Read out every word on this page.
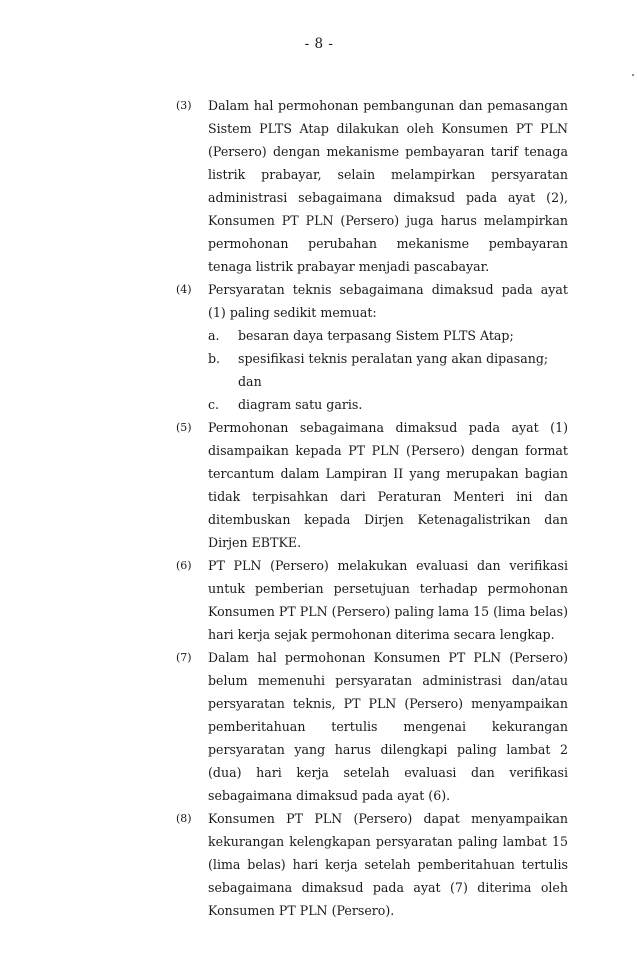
- 8 -
(3) Dalam hal permohonan pembangunan dan pemasangan Sistem PLTS Atap dilakukan oleh Konsumen PT PLN (Persero) dengan mekanisme pembayaran tarif tenaga listrik prabayar, selain melampirkan persyaratan administrasi sebagaimana dimaksud pada ayat (2), Konsumen PT PLN (Persero) juga harus melampirkan permohonan perubahan mekanisme pembayaran tenaga listrik prabayar menjadi pascabayar.
(4) Persyaratan teknis sebagaimana dimaksud pada ayat (1) paling sedikit memuat:
a. besaran daya terpasang Sistem PLTS Atap;
b. spesifikasi teknis peralatan yang akan dipasang; dan
c. diagram satu garis.
(5) Permohonan sebagaimana dimaksud pada ayat (1) disampaikan kepada PT PLN (Persero) dengan format tercantum dalam Lampiran II yang merupakan bagian tidak terpisahkan dari Peraturan Menteri ini dan ditembuskan kepada Dirjen Ketenagalistrikan dan Dirjen EBTKE.
(6) PT PLN (Persero) melakukan evaluasi dan verifikasi untuk pemberian persetujuan terhadap permohonan Konsumen PT PLN (Persero) paling lama 15 (lima belas) hari kerja sejak permohonan diterima secara lengkap.
(7) Dalam hal permohonan Konsumen PT PLN (Persero) belum memenuhi persyaratan administrasi dan/atau persyaratan teknis, PT PLN (Persero) menyampaikan pemberitahuan tertulis mengenai kekurangan persyaratan yang harus dilengkapi paling lambat 2 (dua) hari kerja setelah evaluasi dan verifikasi sebagaimana dimaksud pada ayat (6).
(8) Konsumen PT PLN (Persero) dapat menyampaikan kekurangan kelengkapan persyaratan paling lambat 15 (lima belas) hari kerja setelah pemberitahuan tertulis sebagaimana dimaksud pada ayat (7) diterima oleh Konsumen PT PLN (Persero).
